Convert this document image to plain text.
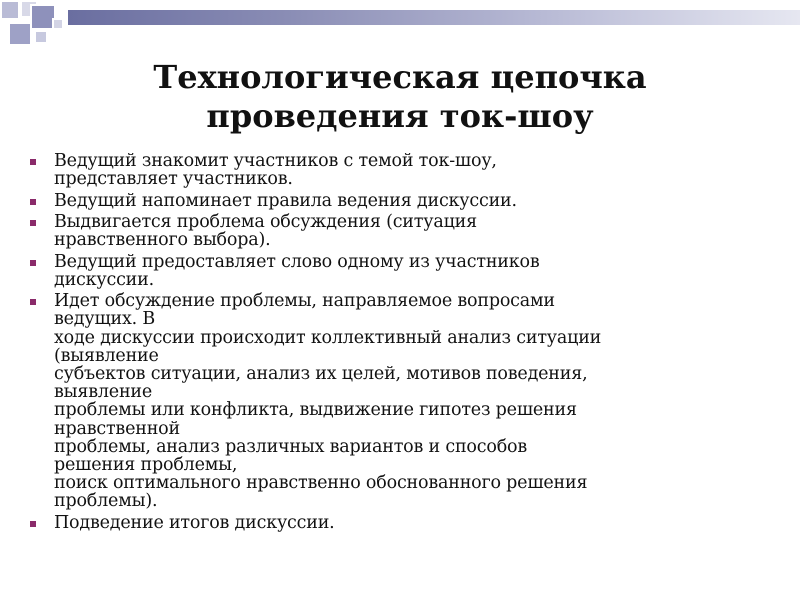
Технологическая цепочка
проведения ток-шоу
Ведущий знакомит участников с темой ток-шоу,
представляет участников.
Ведущий напоминает правила ведения дискуссии.
Выдвигается проблема обсуждения (ситуация
нравственного выбора).
Ведущий предоставляет слово одному из участников
дискуссии.
Идет обсуждение проблемы, направляемое вопросами
ведущих. В
ходе дискуссии происходит коллективный анализ ситуации
(выявление
субъектов ситуации, анализ их целей, мотивов поведения,
выявление
проблемы или конфликта, выдвижение гипотез решения
нравственной
проблемы, анализ различных вариантов и способов
решения проблемы,
поиск оптимального нравственно обоснованного решения
проблемы).
Подведение итогов дискуссии.
